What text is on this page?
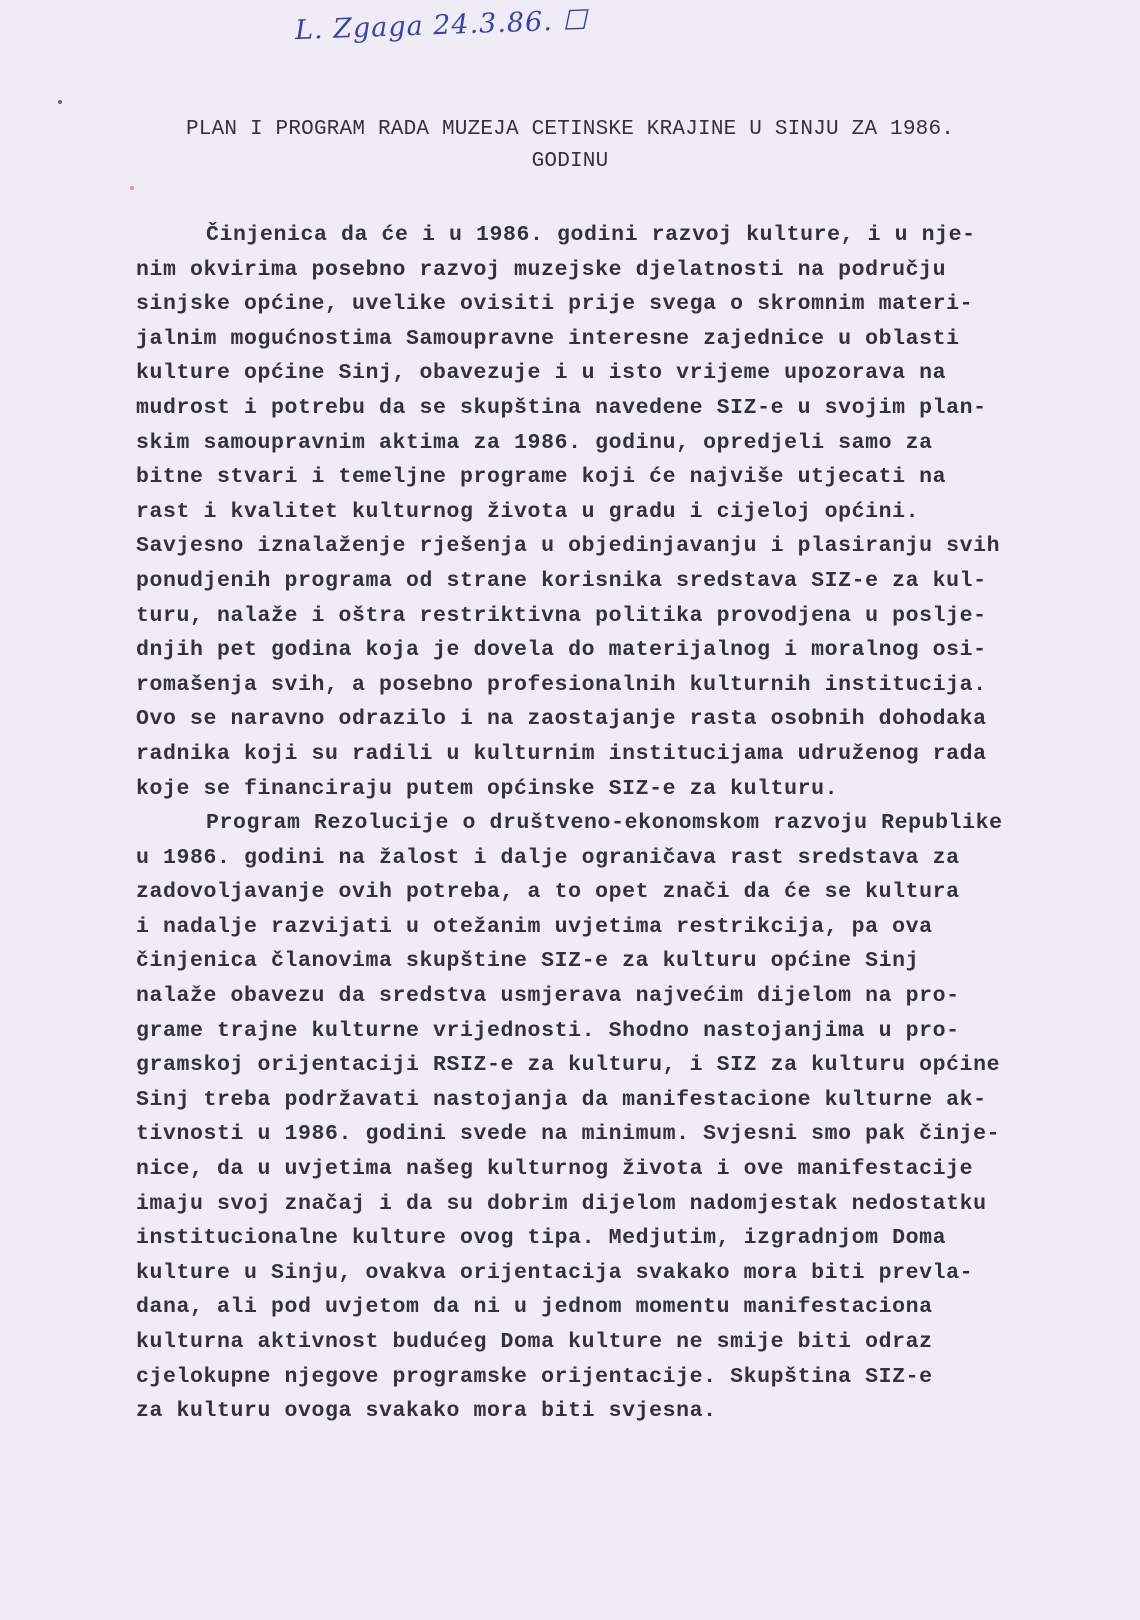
L. Zgaga 24.3.86. ☐
PLAN I PROGRAM RADA MUZEJA CETINSKE KRAJINE U SINJU ZA 1986.
GODINU
Činjenica da će i u 1986. godini razvoj kulture, i u nje-
nim okvirima posebno razvoj muzejske djelatnosti na području
sinjske općine, uvelike ovisiti prije svega o skromnim materi-
jalnim mogućnostima Samoupravne interesne zajednice u oblasti
kulture općine Sinj, obavezuje i u isto vrijeme upozorava na
mudrost i potrebu da se skupština navedene SIZ-e u svojim plan-
skim samoupravnim aktima za 1986. godinu, opredjeli samo za
bitne stvari i temeljne programe koji će najviše utjecati na
rast i kvalitet kulturnog života u gradu i cijeloj općini.
Savjesno iznalaženje rješenja u objedinjavanju i plasiranju svih
ponudjenih programa od strane korisnika sredstava SIZ-e za kul-
turu, nalaže i oštra restriktivna politika provodjena u poslje-
dnjih pet godina koja je dovela do materijalnog i moralnog osi-
romašenja svih, a posebno profesionalnih kulturnih institucija.
Ovo se naravno odrazilo i na zaostajanje rasta osobnih dohodaka
radnika koji su radili u kulturnim institucijama udruženog rada
koje se financiraju putem općinske SIZ-e za kulturu.
Program Rezolucije o društveno-ekonomskom razvoju Republike
u 1986. godini na žalost i dalje ograničava rast sredstava za
zadovoljavanje ovih potreba, a to opet znači da će se kultura
i nadalje razvijati u otežanim uvjetima restrikcija, pa ova
činjenica članovima skupštine SIZ-e za kulturu općine Sinj
nalaže obavezu da sredstva usmjerava najvećim dijelom na pro-
grame trajne kulturne vrijednosti. Shodno nastojanjima u pro-
gramskoj orijentaciji RSIZ-e za kulturu, i SIZ za kulturu općine
Sinj treba podržavati nastojanja da manifestacione kulturne ak-
tivnosti u 1986. godini svede na minimum. Svjesni smo pak činje-
nice, da u uvjetima našeg kulturnog života i ove manifestacije
imaju svoj značaj i da su dobrim dijelom nadomjestak nedostatku
institucionalne kulture ovog tipa. Medjutim, izgradnjom Doma
kulture u Sinju, ovakva orijentacija svakako mora biti prevla-
dana, ali pod uvjetom da ni u jednom momentu manifestaciona
kulturna aktivnost budućeg Doma kulture ne smije biti odraz
cjelokupne njegove programske orijentacije. Skupština SIZ-e
za kulturu ovoga svakako mora biti svjesna.
